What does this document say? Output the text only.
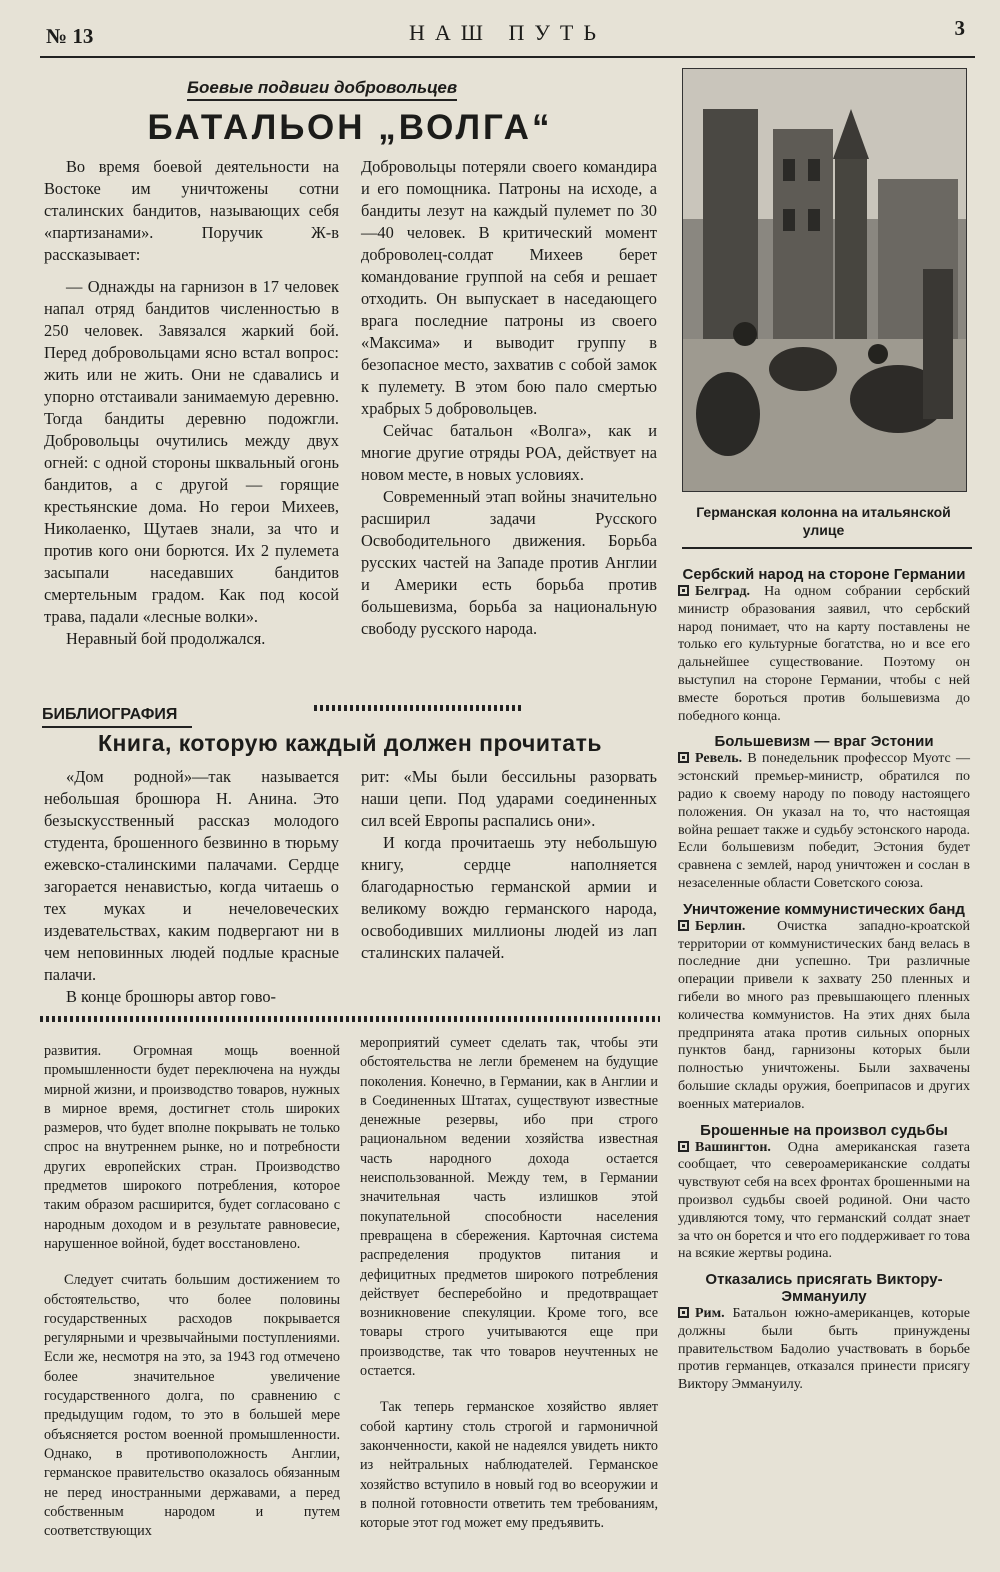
№ 13	НАШ ПУТЬ	3
Боевые подвиги добровольцев
БАТАЛЬОН „ВОЛГА“

Во время боевой деятельности на Востоке им уничтожены сотни сталинских бандитов, называющих себя «партизанами». Поручик Ж-в рассказывает:

— Однажды на гарнизон в 17 человек напал отряд бандитов численностью в 250 человек. Завязался жаркий бой. Перед добровольцами ясно встал вопрос: жить или не жить. Они не сдавались и упорно отстаивали занимаемую деревню. Тогда бандиты деревню подожгли. Добровольцы очутились между двух огней: с одной стороны шквальный огонь бандитов, а с другой — горящие крестьянские дома. Но герои Михеев, Николаенко, Щутаев знали, за что и против кого они борются. Их 2 пулемета засыпали наседавших бандитов смертельным градом. Как под косой трава, падали «лесные волки».

Неравный бой продолжался.

Добровольцы потеряли своего командира и его помощника. Патроны на исходе, а бандиты лезут на каждый пулемет по 30—40 человек. В критический момент доброволец-солдат Михеев берет командование группой на себя и решает отходить. Он выпускает в наседающего врага последние патроны из своего «Максима» и выводит группу в безопасное место, захватив с собой замок к пулемету. В этом бою пало смертью храбрых 5 добровольцев.

Сейчас батальон «Волга», как и многие другие отряды РОА, действует на новом месте, в новых условиях.

Современный этап войны значительно расширил задачи Русского Освободительного движения. Борьба русских частей на Западе против Англии и Америки есть борьба против большевизма, борьба за национальную свободу русского народа.

Германская колонна на итальянской улице
БИБЛИОГРАФИЯ
Книга, которую каждый должен прочитать

«Дом родной»—так называется небольшая брошюра Н. Анина. Это безыскусственный рассказ молодого студента, брошенного безвинно в тюрьму ежевско-сталинскими палачами. Сердце загорается ненавистью, когда читаешь о тех муках и нечеловеческих издевательствах, каким подвергают ни в чем неповинных людей подлые красные палачи.

В конце брошюры автор гово-

рит: «Мы были бессильны разорвать наши цепи. Под ударами соединенных сил всей Европы распались они».

И когда прочитаешь эту небольшую книгу, сердце наполняется благодарностью германской армии и великому вождю германского народа, освободивших миллионы людей из лап сталинских палачей.

развития. Огромная мощь военной промышленности будет переключена на нужды мирной жизни, и производство товаров, нужных в мирное время, достигнет столь широких размеров, что будет вполне покрывать не только спрос на внутреннем рынке, но и потребности других европейских стран. Производство предметов широкого потребления, которое таким образом расширится, будет согласовано с народным доходом и в результате равновесие, нарушенное войной, будет восстановлено.

Следует считать большим достижением то обстоятельство, что более половины государственных расходов покрывается регулярными и чрезвычайными поступлениями. Если же, несмотря на это, за 1943 год отмечено более значительное увеличение государственного долга, по сравнению с предыдущим годом, то это в большей мере объясняется ростом военной промышленности. Однако, в противоположность Англии, германское правительство оказалось обязанным не перед иностранными державами, а перед собственным народом и путем соответствующих

мероприятий сумеет сделать так, чтобы эти обстоятельства не легли бременем на будущие поколения. Конечно, в Германии, как в Англии и в Соединенных Штатах, существуют известные денежные резервы, ибо при строго рациональном ведении хозяйства известная часть народного дохода остается неиспользованной. Между тем, в Германии значительная часть излишков этой покупательной способности населения превращена в сбережения. Карточная система распределения продуктов питания и дефицитных предметов широкого потребления действует бесперебойно и предотвращает возникновение спекуляции. Кроме того, все товары строго учитываются еще при производстве, так что товаров неучтенных не остается.

Так теперь германское хозяйство являет собой картину столь строгой и гармоничной законченности, какой не надеялся увидеть никто из нейтральных наблюдателей. Германское хозяйство вступило в новый год во всеоружии и в полной готовности ответить тем требованиям, которые этот год может ему предъявить.

Сербский народ на стороне Германии

Белград. На одном собрании сербский министр образования заявил, что сербский народ понимает, что на карту поставлены не только его культурные богатства, но и все его дальнейшее существование. Поэтому он выступил на стороне Германии, чтобы с ней вместе бороться против большевизма до победного конца.

Большевизм — враг Эстонии

Ревель. В понедельник профессор Муотс — эстонский премьер-министр, обратился по радио к своему народу по поводу настоящего положения. Он указал на то, что настоящая война решает также и судьбу эстонского народа. Если большевизм победит, Эстония будет сравнена с землей, народ уничтожен и сослан в незаселенные области Советского союза.

Уничтожение коммунистических банд

Берлин. Очистка западно-кроатской территории от коммунистических банд велась в последние дни успешно. Три различные операции привели к захвату 250 пленных и гибели во много раз превышающего пленных количества коммунистов. На этих днях была предпринята атака против сильных опорных пунктов банд, гарнизоны которых были полностью уничтожены. Были захвачены большие склады оружия, боеприпасов и других военных материалов.

Брошенные на произвол судьбы

Вашингтон. Одна американская газета сообщает, что североамериканские солдаты чувствуют себя на всех фронтах брошенными на произвол судьбы своей родиной. Они часто удивляются тому, что германский солдат знает за что он борется и что его поддерживает го това на всякие жертвы родина.

Отказались присягать Виктору-Эммануилу

Рим. Батальон южно-американцев, которые должны были быть принуждены правительством Бадолио участвовать в борьбе против германцев, отказался принести присягу Виктору Эммануилу.
